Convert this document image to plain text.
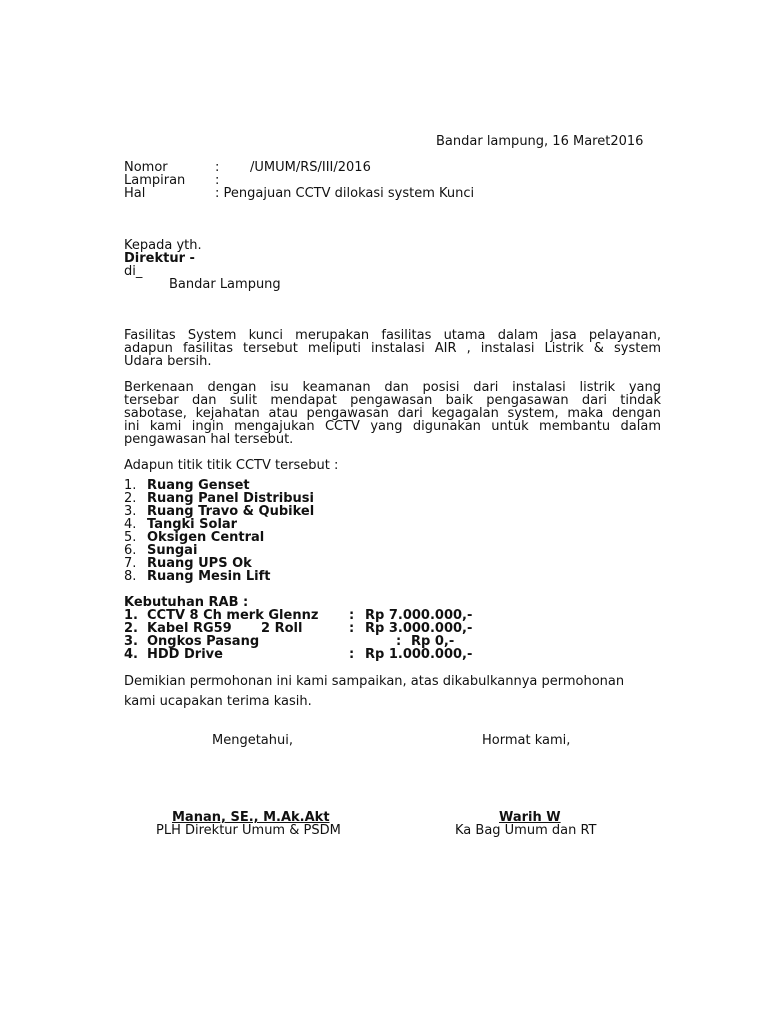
Bandar lampung, 16 Maret2016
Nomor	: /UMUM/RS/III/2016
Lampiran :
Hal	: Pengajuan CCTV dilokasi system Kunci
Kepada yth.
Direktur -
di_
Bandar Lampung
Fasilitas System kunci merupakan fasilitas utama dalam jasa pelayanan,
adapun fasilitas tersebut meliputi instalasi AIR , instalasi Listrik & system
Udara bersih.
Berkenaan dengan isu keamanan dan posisi dari instalasi listrik yang
tersebar dan sulit mendapat pengawasan baik pengasawan dari tindak
sabotase, kejahatan atau pengawasan dari kegagalan system, maka dengan
ini kami ingin mengajukan CCTV yang digunakan untuk membantu dalam
pengawasan hal tersebut.
Adapun titik titik CCTV tersebut :
1. Ruang Genset
2. Ruang Panel Distribusi
3. Ruang Travo & Qubikel
4. Tangki Solar
5. Oksigen Central
6. Sungai
7. Ruang UPS Ok
8. Ruang Mesin Lift
Kebutuhan RAB :
1. CCTV 8 Ch merk Glennz : Rp 7.000.000,-
2. Kabel RG59 2 Roll	: Rp 3.000.000,-
3. Ongkos Pasang	: Rp 0,-
4. HDD Drive	: Rp 1.000.000,-
Demikian permohonan ini kami sampaikan, atas dikabulkannya permohonan
kami ucapakan terima kasih.
Mengetahui,	Hormat kami,
Manan, SE., M.Ak.Akt
PLH Direktur Umum & PSDM
Warih W
Ka Bag Umum dan RT
